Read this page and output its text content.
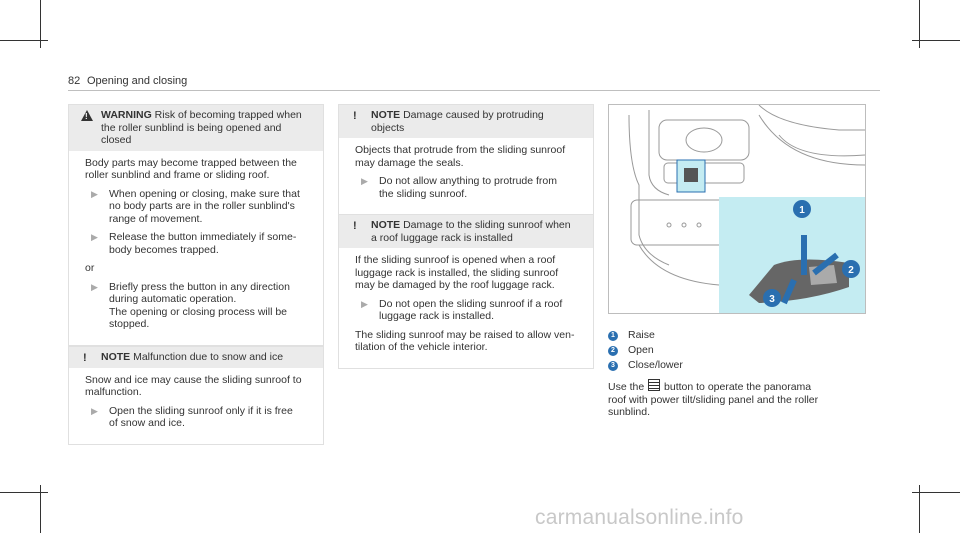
82 Opening and closing
!
WARNING Risk of becoming trapped when
the roller sunblind is being opened and
closed
Body parts may become trapped between the
roller sunblind and frame or sliding roof.
▶ When opening or closing, make sure that
no body parts are in the roller sunblind's
range of movement.
▶ Release the button immediately if some-
body becomes trapped.
or
▶ Briefly press the button in any direction
during automatic operation.
The opening or closing process will be
stopped.
!	NOTE Malfunction due to snow and ice
Snow and ice may cause the sliding sunroof to
malfunction.
▶ Open the sliding sunroof only if it is free
of snow and ice.
!	NOTE Damage caused by protruding
objects
Objects that protrude from the sliding sunroof
may damage the seals.
▶ Do not allow anything to protrude from
the sliding sunroof.
!	NOTE Damage to the sliding sunroof when
a roof luggage rack is installed
If the sliding sunroof is opened when a roof
luggage rack is installed, the sliding sunroof
may be damaged by the roof luggage rack.
▶ Do not open the sliding sunroof if a roof
luggage rack is installed.
The sliding sunroof may be raised to allow ven-
tilation of the vehicle interior.
1
2
3
1 Raise
2 Open
3 Close/lower
Use the button to operate the panorama
roof with power tilt/sliding panel and the roller
sunblind.
carmanualsonline.info
